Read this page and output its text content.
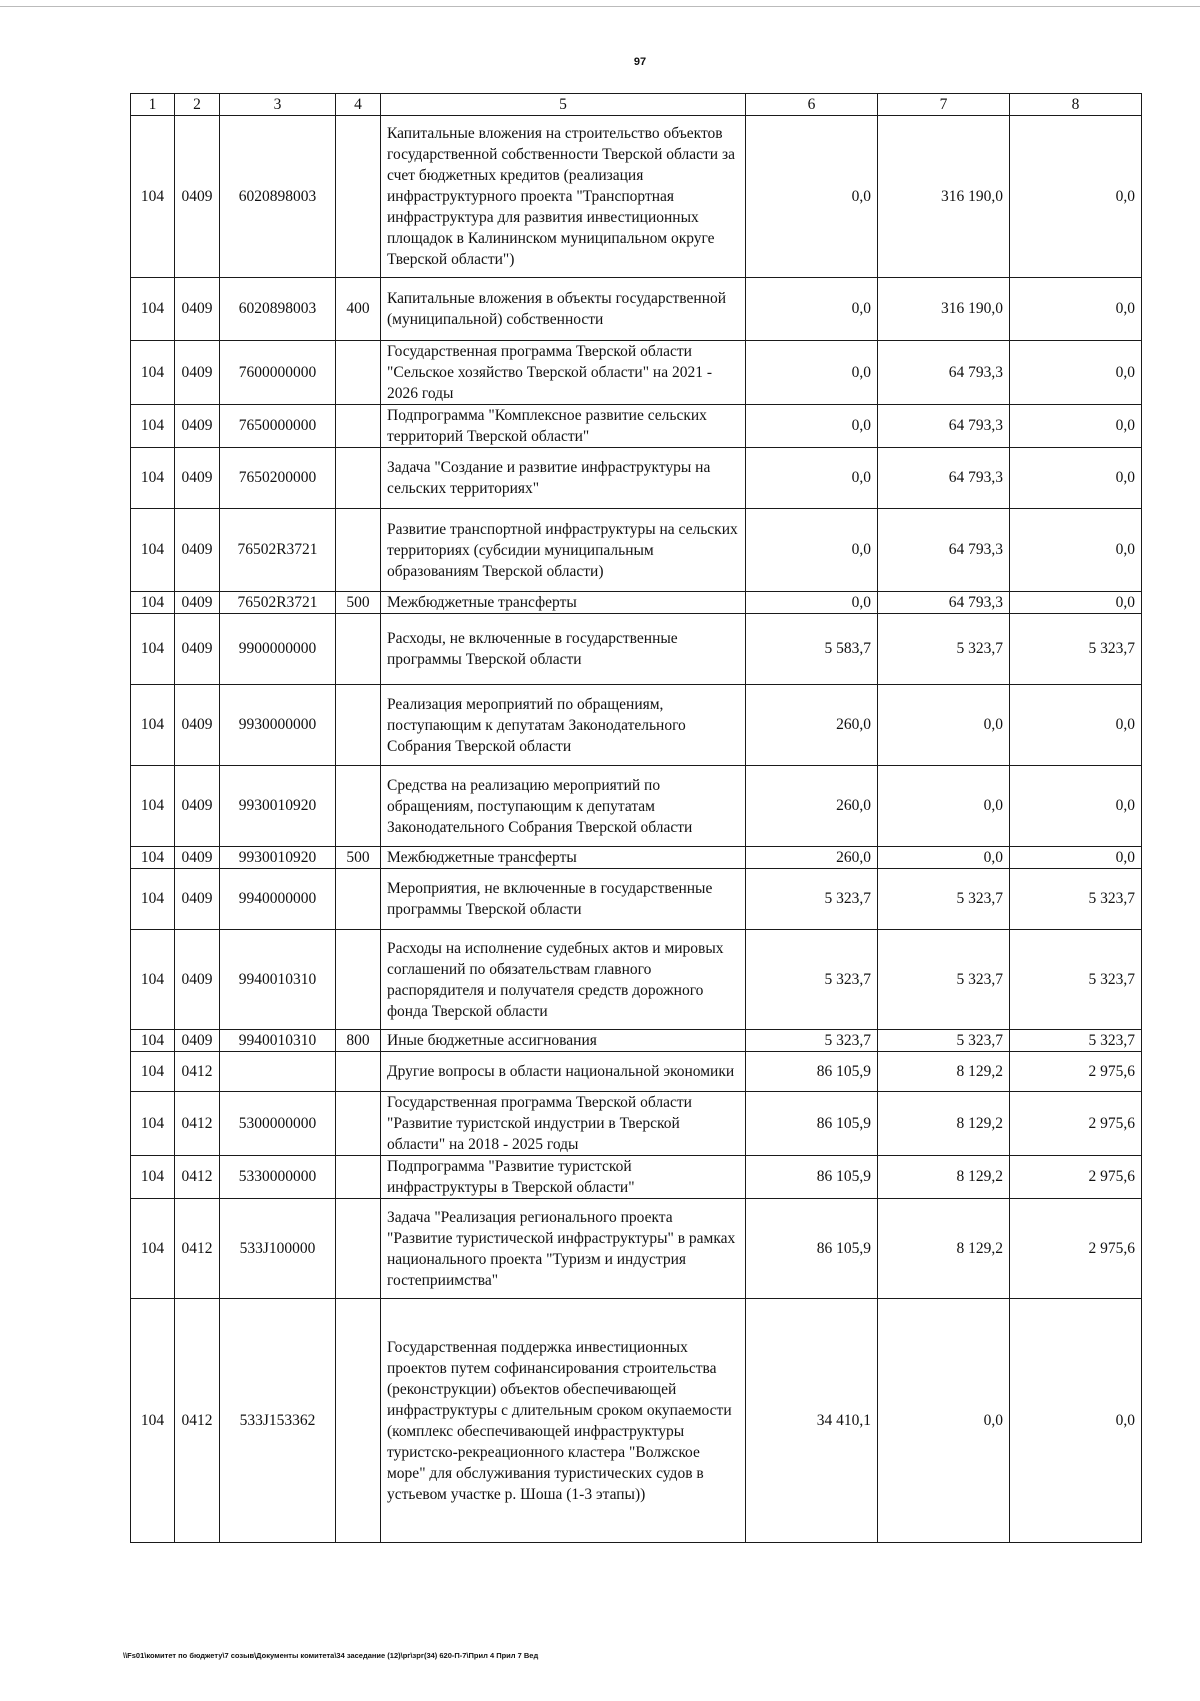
97
1	2	3	4	5	6	7	8
104	0409	6020898003		Капитальные вложения на строительство объектов государственной собственности Тверской области за счет бюджетных кредитов (реализация инфраструктурного проекта "Транспортная инфраструктура для развития инвестиционных площадок в Калининском муниципальном округе Тверской области")	0,0	316 190,0	0,0
104	0409	6020898003	400	Капитальные вложения в объекты государственной (муниципальной) собственности	0,0	316 190,0	0,0
104	0409	7600000000		Государственная программа Тверской области "Сельское хозяйство Тверской области" на 2021 - 2026 годы	0,0	64 793,3	0,0
104	0409	7650000000		Подпрограмма "Комплексное развитие сельских территорий Тверской области"	0,0	64 793,3	0,0
104	0409	7650200000		Задача "Создание и развитие инфраструктуры на сельских территориях"	0,0	64 793,3	0,0
104	0409	76502R3721		Развитие транспортной инфраструктуры на сельских территориях (субсидии муниципальным образованиям Тверской области)	0,0	64 793,3	0,0
104	0409	76502R3721	500	Межбюджетные трансферты	0,0	64 793,3	0,0
104	0409	9900000000		Расходы, не включенные в государственные программы Тверской области	5 583,7	5 323,7	5 323,7
104	0409	9930000000		Реализация мероприятий по обращениям, поступающим к депутатам Законодательного Собрания Тверской области	260,0	0,0	0,0
104	0409	9930010920		Средства на реализацию мероприятий по обращениям, поступающим к депутатам Законодательного Собрания Тверской области	260,0	0,0	0,0
104	0409	9930010920	500	Межбюджетные трансферты	260,0	0,0	0,0
104	0409	9940000000		Мероприятия, не включенные в государственные программы Тверской области	5 323,7	5 323,7	5 323,7
104	0409	9940010310		Расходы на исполнение судебных актов и мировых соглашений по обязательствам главного распорядителя и получателя средств дорожного фонда Тверской области	5 323,7	5 323,7	5 323,7
104	0409	9940010310	800	Иные бюджетные ассигнования	5 323,7	5 323,7	5 323,7
104	0412			Другие вопросы в области национальной экономики	86 105,9	8 129,2	2 975,6
104	0412	5300000000		Государственная программа Тверской области "Развитие туристской индустрии в Тверской области" на 2018 - 2025 годы	86 105,9	8 129,2	2 975,6
104	0412	5330000000		Подпрограмма "Развитие туристской инфраструктуры в Тверской области"	86 105,9	8 129,2	2 975,6
104	0412	533J100000		Задача "Реализация регионального проекта "Развитие туристической инфраструктуры" в рамках национального проекта "Туризм и индустрия гостеприимства"	86 105,9	8 129,2	2 975,6
104	0412	533J153362		Государственная поддержка инвестиционных проектов путем софинансирования строительства (реконструкции) объектов обеспечивающей инфраструктуры с длительным сроком окупаемости (комплекс обеспечивающей инфраструктуры туристско-рекреационного кластера "Волжское море" для обслуживания туристических судов в устьевом участке р. Шоша (1-3 этапы))	34 410,1	0,0	0,0
\\Fs01\комитет по бюджету\7 созыв\Документы комитета\34 заседание (12)\рг\зрг(34) 620-П-7\Прил 4 Прил 7 Вед
